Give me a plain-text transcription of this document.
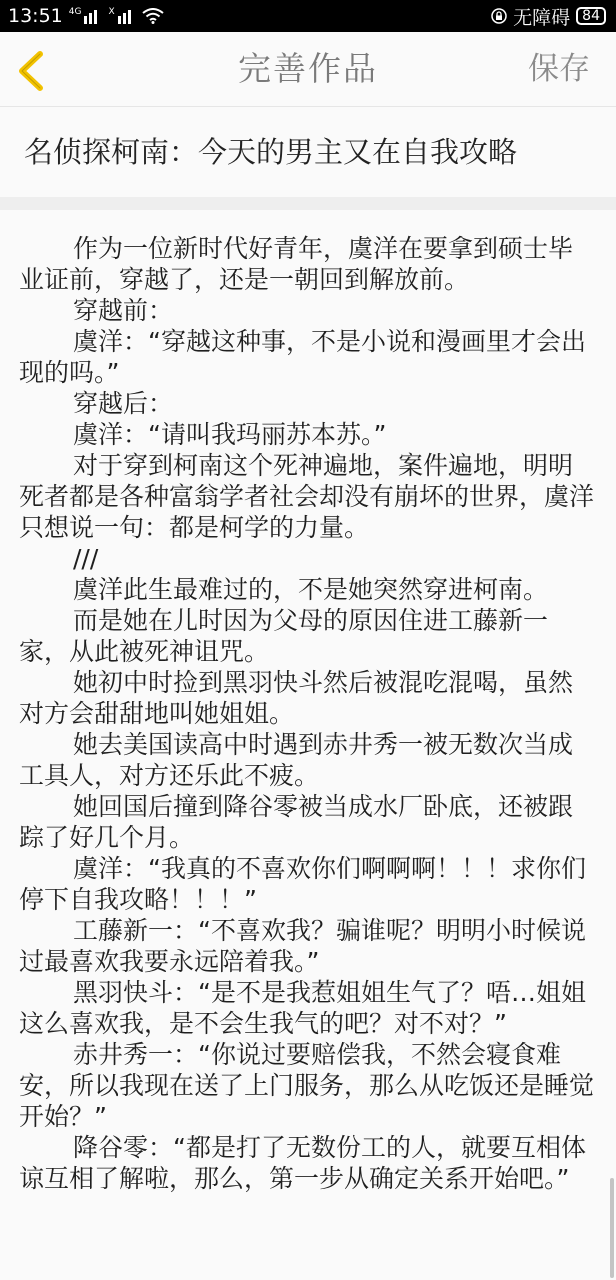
13:51 4G	X	无障碍 84
完善作品	保存
名侦探柯南：今天的男主又在自我攻略

作为一位新时代好青年，虞洋在要拿到硕士毕业证前，穿越了，还是一朝回到解放前。

穿越前：

虞洋：“穿越这种事，不是小说和漫画里才会出现的吗。”

穿越后：

虞洋：“请叫我玛丽苏本苏。”

对于穿到柯南这个死神遍地，案件遍地，明明死者都是各种富翁学者社会却没有崩坏的世界，虞洋只想说一句：都是柯学的力量。

///

虞洋此生最难过的，不是她突然穿进柯南。

而是她在儿时因为父母的原因住进工藤新一家，从此被死神诅咒。

她初中时捡到黑羽快斗然后被混吃混喝，虽然对方会甜甜地叫她姐姐。

她去美国读高中时遇到赤井秀一被无数次当成工具人，对方还乐此不疲。

她回国后撞到降谷零被当成水厂卧底，还被跟踪了好几个月。

虞洋：“我真的不喜欢你们啊啊啊！！！求你们停下自我攻略！！！”

工藤新一：“不喜欢我？骗谁呢？明明小时候说过最喜欢我要永远陪着我。”

黑羽快斗：“是不是我惹姐姐生气了？唔…姐姐这么喜欢我，是不会生我气的吧？对不对？”

赤井秀一：“你说过要赔偿我，不然会寝食难安，所以我现在送了上门服务，那么从吃饭还是睡觉开始？”

降谷零：“都是打了无数份工的人，就要互相体谅互相了解啦，那么，第一步从确定关系开始吧。”
